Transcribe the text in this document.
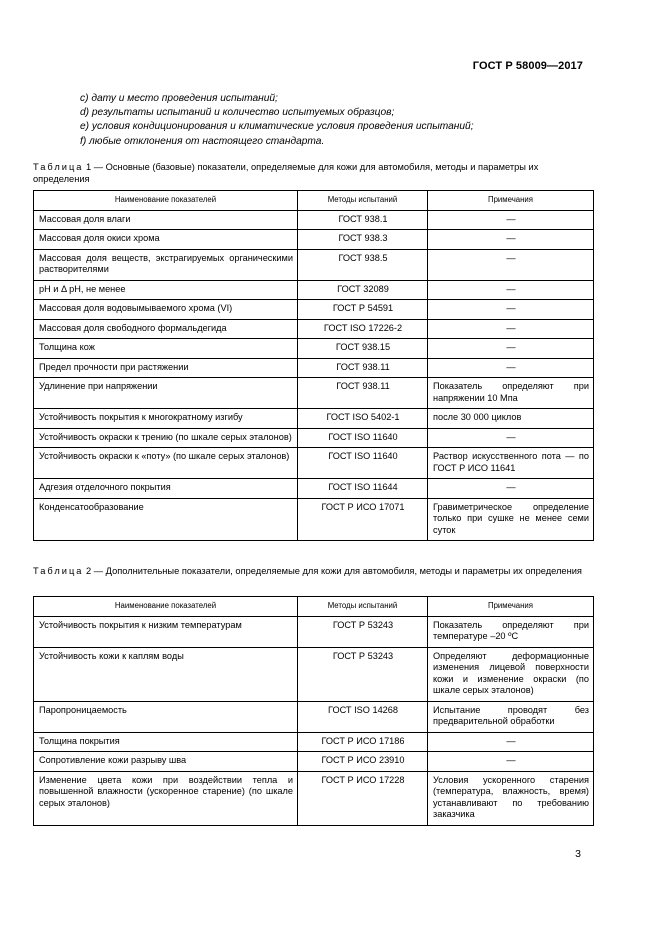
ГОСТ Р 58009—2017
c) дату и место проведения испытаний;
d) результаты испытаний и количество испытуемых образцов;
e) условия кондиционирования и климатические условия проведения испытаний;
f) любые отклонения от настоящего стандарта.
Таблица 1 — Основные (базовые) показатели, определяемые для кожи для автомобиля, методы и параметры их определения
Наименование показателей	Методы испытаний	Примечания
Массовая доля влаги	ГОСТ 938.1	—
Массовая доля окиси хрома	ГОСТ 938.3	—
Массовая доля веществ, экстрагируемых органическими растворителями	ГОСТ 938.5	—
pH и Δ pH, не менее	ГОСТ 32089	—
Массовая доля водовымываемого хрома (VI)	ГОСТ Р 54591	—
Массовая доля свободного формальдегида	ГОСТ ISO 17226-2	—
Толщина кож	ГОСТ 938.15	—
Предел прочности при растяжении	ГОСТ 938.11	—
Удлинение при напряжении	ГОСТ 938.11	Показатель определяют при напряжении 10 Мпа
Устойчивость покрытия к многократному изгибу	ГОСТ ISO 5402-1	после 30 000 циклов
Устойчивость окраски к трению (по шкале серых эталонов)	ГОСТ ISO 11640	—
Устойчивость окраски к «поту» (по шкале серых эталонов)	ГОСТ ISO 11640	Раствор искусственного пота — по ГОСТ Р ИСО 11641
Адгезия отделочного покрытия	ГОСТ ISO 11644	—
Конденсатообразование	ГОСТ Р ИСО 17071	Гравиметрическое определение только при сушке не менее семи суток
Таблица 2 — Дополнительные показатели, определяемые для кожи для автомобиля, методы и параметры их определения
Наименование показателей	Методы испытаний	Примечания
Устойчивость покрытия к низким температурам	ГОСТ Р 53243	Показатель определяют при температуре –20 ºС
Устойчивость кожи к каплям воды	ГОСТ Р 53243	Определяют деформационные изменения лицевой поверхности кожи и изменение окраски (по шкале серых эталонов)
Паропроницаемость	ГОСТ ISO 14268	Испытание проводят без предварительной обработки
Толщина покрытия	ГОСТ Р ИСО 17186	—
Сопротивление кожи разрыву шва	ГОСТ Р ИСО 23910	—
Изменение цвета кожи при воздействии тепла и повышенной влажности (ускоренное старение) (по шкале серых эталонов)	ГОСТ Р ИСО 17228	Условия ускоренного старения (температура, влажность, время) устанавливают по требованию заказчика
3
